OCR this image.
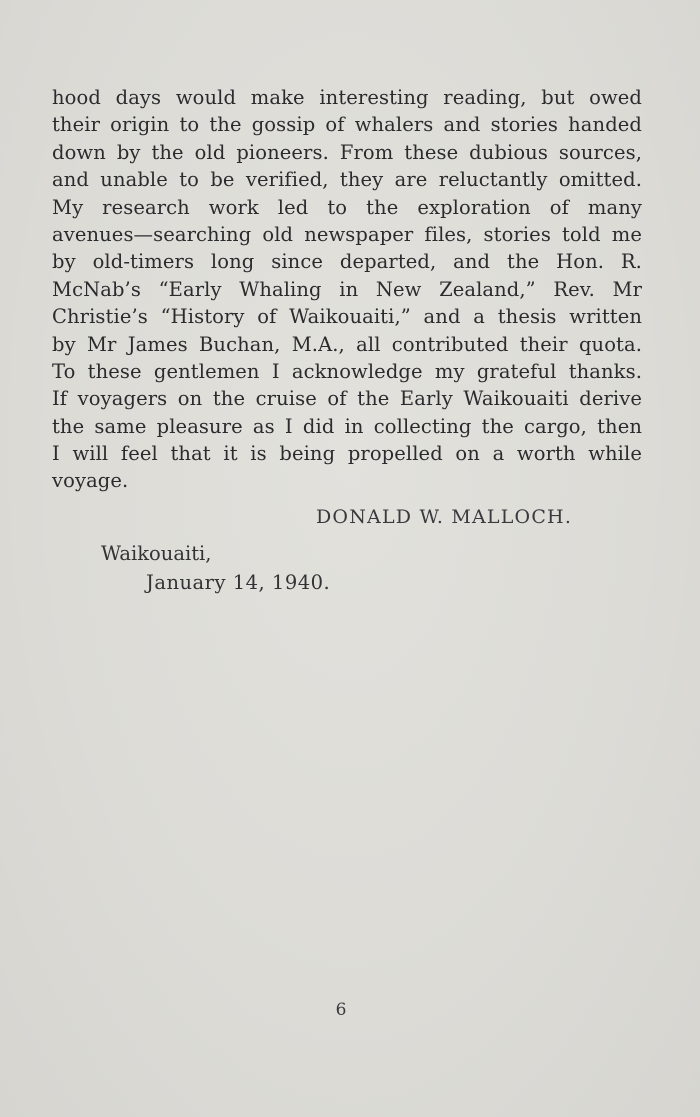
hood days would make interesting reading, but owed
their origin to the gossip of whalers and stories handed
down by the old pioneers. From these dubious sources,
and unable to be verified, they are reluctantly omitted.
My research work led to the exploration of many
avenues—searching old newspaper files, stories told me
by old-timers long since departed, and the Hon. R.
McNab’s “Early Whaling in New Zealand,” Rev. Mr
Christie’s “History of Waikouaiti,” and a thesis written
by Mr James Buchan, M.A., all contributed their quota.
To these gentlemen I acknowledge my grateful thanks.
If voyagers on the cruise of the Early Waikouaiti derive
the same pleasure as I did in collecting the cargo, then
I will feel that it is being propelled on a worth while
voyage.
DONALD W. MALLOCH.
Waikouaiti,
January 14, 1940.
6
